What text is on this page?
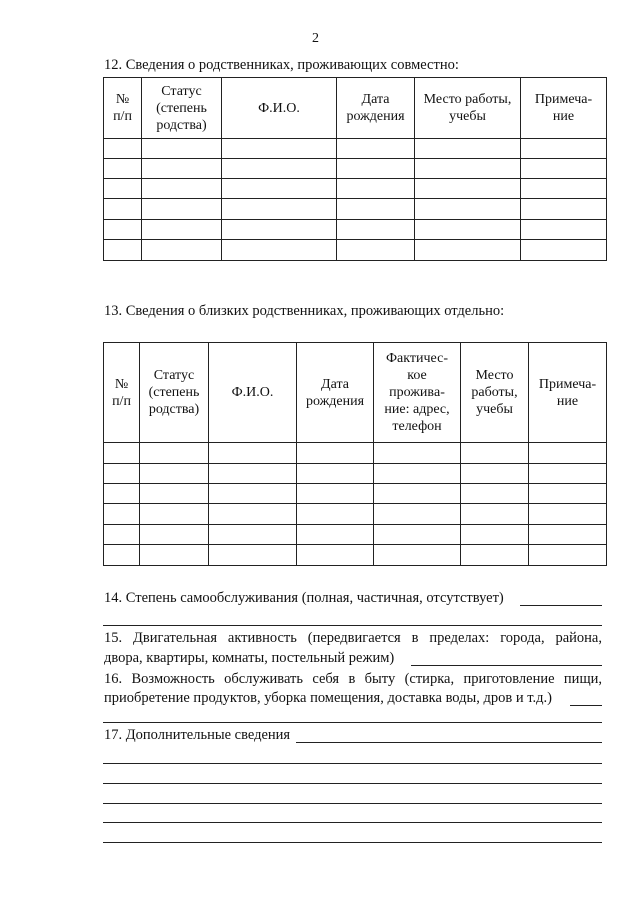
2
12. Сведения о родственниках, проживающих совместно:
№
п/п	Статус
(степень
родства)	Ф.И.О.	Дата
рождения	Место работы,
учебы	Примеча-
ние

13. Сведения о близких родственниках, проживающих отдельно:
№
п/п	Статус
(степень
родства)	Ф.И.О.	Дата
рождения	Фактичес-
кое
проживa-
ние: адрес,
телефон	Место
работы,
учебы	Примеча-
ние

14. Степень самообслуживания (полная, частичная, отсутствует)
15. Двигательная активность (передвигается в пределах: города, района,
двора, квартиры, комнаты, постельный режим)
16. Возможность обслуживать себя в быту (стирка, приготовление пищи,
приобретение продуктов, уборка помещения, доставка воды, дров и т.д.)
17. Дополнительные сведения
